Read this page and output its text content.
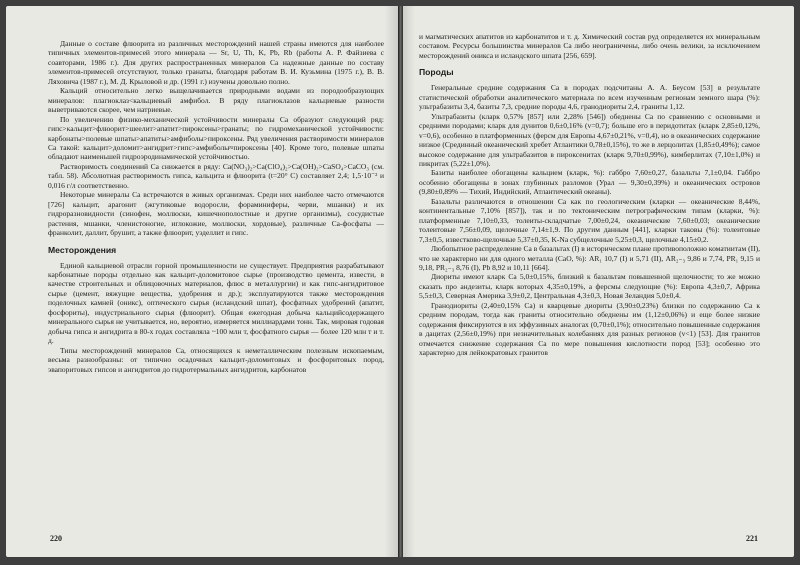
Данные о составе флюорита из различных месторождений нашей страны имеются для наиболее типичных элементов-примесей этого минерала — Sr, U, Th, K, Pb, Rb (работы А. Р. Файзиева с соавторами, 1986 г.). Для других распространенных минералов Ca надежные данные по составу элементов-примесей отсутствуют, только гранаты, благодаря работам В. И. Кузьмина (1975 г.), В. В. Ляховича (1987 г.), М. Д. Крыловой и др. (1991 г.) изучены довольно полно.

Кальций относительно легко выщелачивается природными водами из породообразующих минералов: плагиоклаз<кальциевый амфибол. В ряду плагиоклазов кальциевые разности выветриваются скорее, чем натриевые.

По увеличению физико-механической устойчивости минералы Ca образуют следующий ряд: гипс>кальцит>флюорит>шеелит>апатит>пироксены>гранаты; по гидромеханической устойчивости: карбонаты>полевые шпаты>апатиты>амфиболы>пироксены. Ряд увеличения растворимости минералов Ca такой: кальцит>доломит>ангидрит>гипс>амфиболы≈пироксены [40]. Кроме того, полевые шпаты обладают наименьшей гидроэродинамической устойчивостью.

Растворимость соединений Ca снижается в ряду: Ca(NO₃)₂>Ca(ClO₄)₂>Ca(OH)₂>CaSO₄>CaCO₃ (см. табл. 58). Абсолютная растворимость гипса, кальцита и флюорита (t=20° C) составляет 2,4; 1,5·10⁻² и 0,016 г/л соответственно.

Некоторые минералы Ca встречаются в живых организмах. Среди них наиболее часто отмечаются [726] кальцит, арагонит (жгутиковые водоросли, фораминиферы, черви, мшанки) и их гидроразновидности (синофен, моллюски, кишечнополостные и другие организмы), сосудистые растения, мшанки, членистоногие, иглокожие, моллюски, хордовые), различные Ca-фосфаты — франколит, даллит, брушит, а также флюорит, уэделлит и гипс.

Месторождения

Единой кальциевой отрасли горной промышленности не существует. Предприятия разрабатывают карбонатные породы отдельно как кальцит-доломитовое сырье (производство цемента, извести, в качестве строительных и облицовочных материалов, флюс в металлургии) и как гипс-ангидритовое сырье (цемент, вяжущие вещества, удобрения и др.); эксплуатируются также месторождения поделочных камней (оникс), оптического сырья (исландский шпат), фосфатных удобрений (апатит, фосфориты), индустриального сырья (флюорит). Общая ежегодная добыча кальцийсодержащего минерального сырья не учитывается, но, вероятно, измеряется миллиардами тонн. Так, мировая годовая добыча гипса и ангидрита в 80-х годах составляла ~100 млн т, фосфатного сырья — более 120 млн т и т. д.

Типы месторождений минералов Ca, относящихся к неметаллическим полезным ископаемым, весьма разнообразны: от типично осадочных кальцит-доломитовых и фосфоритовых пород, эвапоритовых гипсов и ангидритов до гидротермальных ангидритов, карбонатов

220

и магматических апатитов из карбонатитов и т. д. Химический состав руд определяется их минеральным составом. Ресурсы большинства минералов Ca либо неограничены, либо очень велики, за исключением месторождений оникса и исландского шпата [256, 659].

Породы

Генеральные средние содержания Ca в породах подсчитаны А. А. Беусом [53] в результате статистической обработки аналитического материала по всем изученным регионам земного шара (%): ультрабазиты 3,4, базиты 7,3, средние породы 4,6, гранодиориты 2,4, граниты 1,12.

Ультрабазиты (кларк 0,57% [857] или 2,28% [546]) обеднены Ca по сравнению с основными и средними породами; кларк для дунитов 0,6±0,16% (v=0,7); больше его в перидотитах (кларк 2,85±0,12%, v=0,6), особенно в платформенных (ферсм для Европы 4,67±0,21%, v=0,4), но в океанических содержание низкое (Срединный океанический хребет Атлантики 0,78±0,15%), то же в лерцолитах (1,85±0,49%); самое высокое содержание для ультрабазитов в пироксенитах (кларк 9,70±0,99%), кимберлитах (7,10±1,0%) и пикритах (5,22±1,0%).

Базиты наиболее обогащены кальцием (кларк, %): габбро 7,60±0,27, базальты 7,1±0,04. Габбро особенно обогащены в зонах глубинных разломов (Урал — 9,30±0,39%) и океанических островов (9,80±0,89% — Тихий, Индийский, Атлантический океаны).

Базальты различаются в отношении Ca как по геологическим (кларки — океанические 8,44%, континентальные 7,10% [857]), так и по тектоническим петрографическим типам (кларки, %): платформенные 7,10±0,33, толеиты-складчатые 7,00±0,24, океанические 7,60±0,03; океанические толеитовые 7,56±0,09, щелочные 7,14±1,9. По другим данным [441], кларки таковы (%): толеитовые 7,3±0,5, известково-щелочные 5,37±0,35, K-Na субщелочные 5,25±0,3, щелочные 4,15±0,2.

Любопытное распределение Ca в базальтах (I) в историческом плане противоположно коматиитам (II), что не характерно ни для одного металла (CaO, %): AR₁ 10,7 (I) и 5,71 (II), AR₂₋₃ 9,86 и 7,74, PR₁ 9,15 и 9,18, PR₂₋₃ 8,76 (I), Pb 8,92 и 10,11 [664].

Диориты имеют кларк Ca 5,0±0,15%, близкий к базальтам повышенной щелочности; то же можно сказать про андезиты, кларк которых 4,35±0,19%, а ферсмы следующие (%): Европа 4,3±0,7, Африка 5,5±0,3, Северная Америка 3,9±0,2, Центральная 4,3±0,3, Новая Зеландия 5,0±0,4.

Гранодиориты (2,40±0,15% Ca) и кварцевые диориты (3,90±0,23%) близки по содержанию Ca к средним породам, тогда как граниты относительно обеднены им (1,12±0,06%) и еще более низкие содержания фиксируются в их эффузивных аналогах (0,70±0,1%); относительно повышенные содержания в дацитах (2,56±0,19%) при незначительных колебаниях для разных регионов (v<1) [53]. Для гранитов отмечается снижение содержания Ca по мере повышения кислотности пород [53]; особенно это характерно для лейкократовых гранитов

221
